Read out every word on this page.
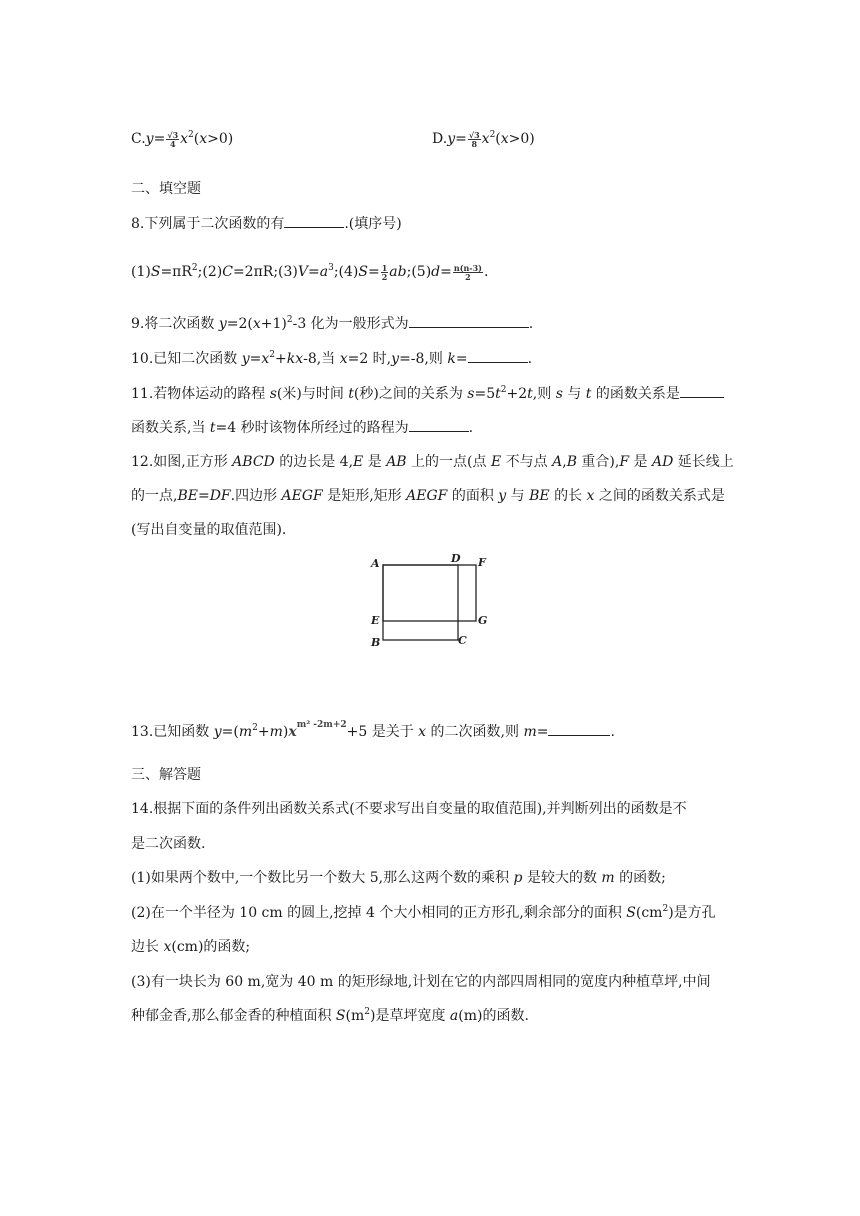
$C.y= \frac{√3}{4} x^2(x>0)$	$D.y= \frac{√3}{8} x^2(x>0)$
二、填空题
8.下列属于二次函数的有	.(填序号)
$(1)S=\pi R^2;(2)C=2\pi R;(3)V=a^3;(4)S= \frac{1}{2}$ ab;(5)d= $\frac{n(n-3)}{2}$ .
9.将二次函数 $y=2(x+1)^2-3$ 化为一般形式为	.
10.已知二次函数 $y=x^2+kx-8$,当 x=2 时,y=-8,则 k=	.
11.若物体运动的路程 s(米)与时间 t(秒)之间的关系为 $s=5t^2+2t$,则 s 与 t 的函数关系是
函数关系,当 t=4 秒时该物体所经过的路程为	.
12.如图,正方形 ABCD 的边长是 4,E 是 AB 上的一点(点 E 不与点 A,B 重合),F 是 AD 延长线上
的一点,BE=DF.四边形 AEGF 是矩形,矩形 AEGF 的面积 y 与 BE 的长 x 之间的函数关系式是
(写出自变量的取值范围).
A	D F
E	G
B	C
13.已知函数 $y=(m^2+m)x^{m^2 -2m+2}+5$ 是关于 x 的二次函数,则 m=	.
三、解答题
14.根据下面的条件列出函数关系式(不要求写出自变量的取值范围),并判断列出的函数是不
是二次函数.
(1)如果两个数中,一个数比另一个数大 5,那么这两个数的乘积 p 是较大的数 m 的函数;
(2)在一个半径为 10 cm 的圆上,挖掉 4 个大小相同的正方形孔,剩余部分的面积 $S(cm^2)$是方孔
边长 x(cm)的函数;
(3)有一块长为 60 m,宽为 40 m 的矩形绿地,计划在它的内部四周相同的宽度内种植草坪,中间
种郁金香,那么郁金香的种植面积 $S(m^2)$是草坪宽度 a(m)的函数.
